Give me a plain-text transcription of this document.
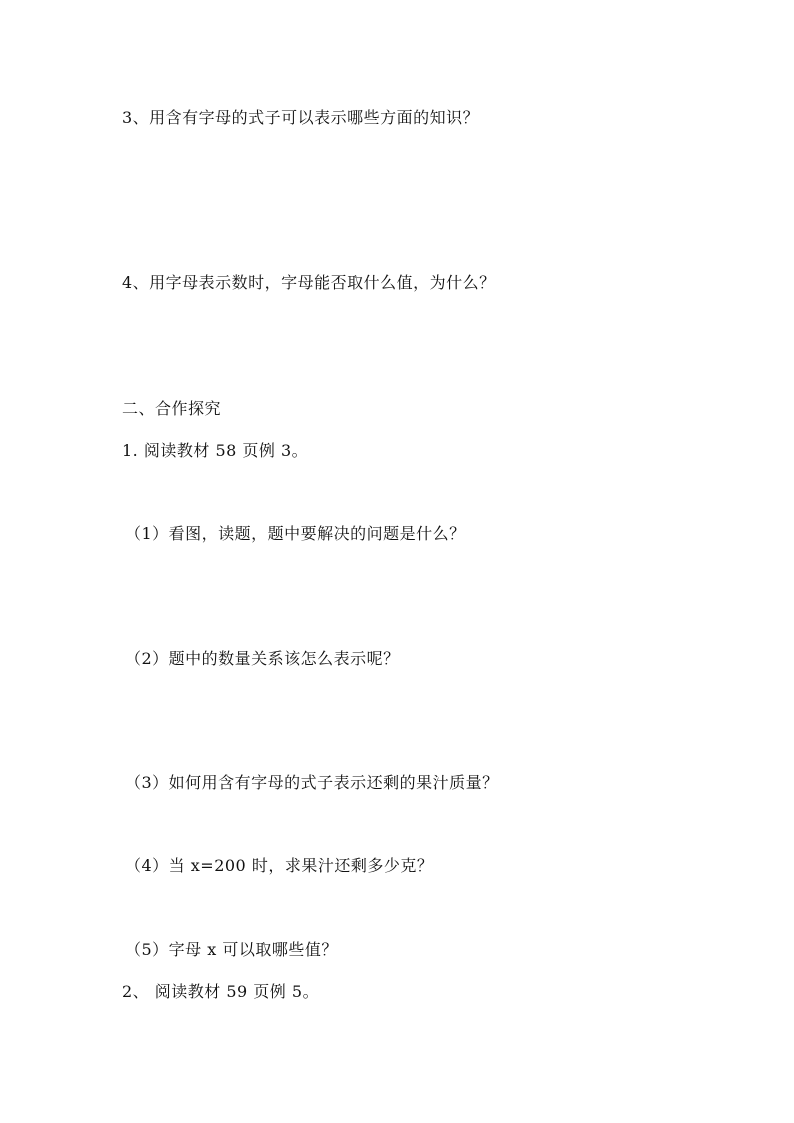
3、用含有字母的式子可以表示哪些方面的知识？
4、用字母表示数时，字母能否取什么值，为什么？
二、合作探究
1. 阅读教材 58 页例 3。
（1）看图，读题，题中要解决的问题是什么？
（2）题中的数量关系该怎么表示呢？
（3）如何用含有字母的式子表示还剩的果汁质量？
（4）当 x=200 时，求果汁还剩多少克？
（5）字母 x 可以取哪些值？
2、 阅读教材 59 页例 5。
